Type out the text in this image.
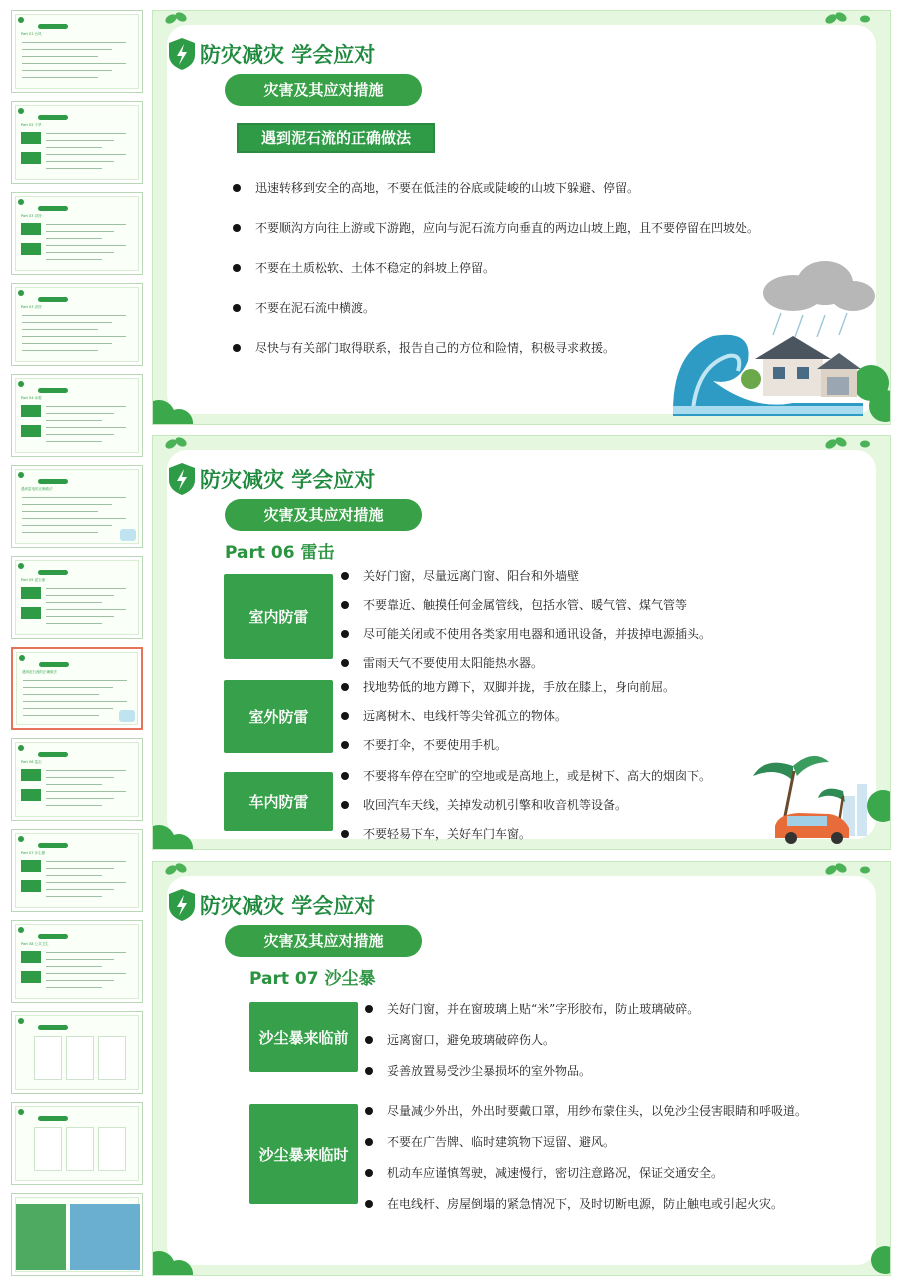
Part 01 台风
Part 02 干旱
Part 03 洪涝
Part 03 洪涝
Part 04 冰雹
遇到雷电的正确做法
Part 05 泥石流
遇到泥石流的正确做法
Part 06 雷击
Part 07 沙尘暴
Part 08 公共卫生
防灾减灾 学会应对
灾害及其应对措施
遇到泥石流的正确做法
迅速转移到安全的高地，不要在低洼的谷底或陡峻的山坡下躲避、停留。
不要顺沟方向往上游或下游跑，应向与泥石流方向垂直的两边山坡上跑，且不要停留在凹坡处。
不要在土质松软、土体不稳定的斜坡上停留。
不要在泥石流中横渡。
尽快与有关部门取得联系，报告自己的方位和险情，积极寻求救援。
防灾减灾 学会应对
灾害及其应对措施
Part 06 雷击
室内防雷
关好门窗，尽量远离门窗、阳台和外墙壁
不要靠近、触摸任何金属管线，包括水管、暖气管、煤气管等
尽可能关闭或不使用各类家用电器和通讯设备，并拔掉电源插头。
雷雨天气不要使用太阳能热水器。
室外防雷
找地势低的地方蹲下，双脚并拢，手放在膝上，身向前屈。
远离树木、电线杆等尖耸孤立的物体。
不要打伞，不要使用手机。
车内防雷
不要将车停在空旷的空地或是高地上，或是树下、高大的烟囱下。
收回汽车天线，关掉发动机引擎和收音机等设备。
不要轻易下车，关好车门车窗。
防灾减灾 学会应对
灾害及其应对措施
Part 07 沙尘暴
沙尘暴来临前
关好门窗，并在窗玻璃上贴“米”字形胶布，防止玻璃破碎。
远离窗口，避免玻璃破碎伤人。
妥善放置易受沙尘暴损坏的室外物品。
沙尘暴来临时
尽量减少外出，外出时要戴口罩，用纱布蒙住头，以免沙尘侵害眼睛和呼吸道。
不要在广告牌、临时建筑物下逗留、避风。
机动车应谨慎驾驶，减速慢行，密切注意路况，保证交通安全。
在电线杆、房屋倒塌的紧急情况下，及时切断电源，防止触电或引起火灾。
